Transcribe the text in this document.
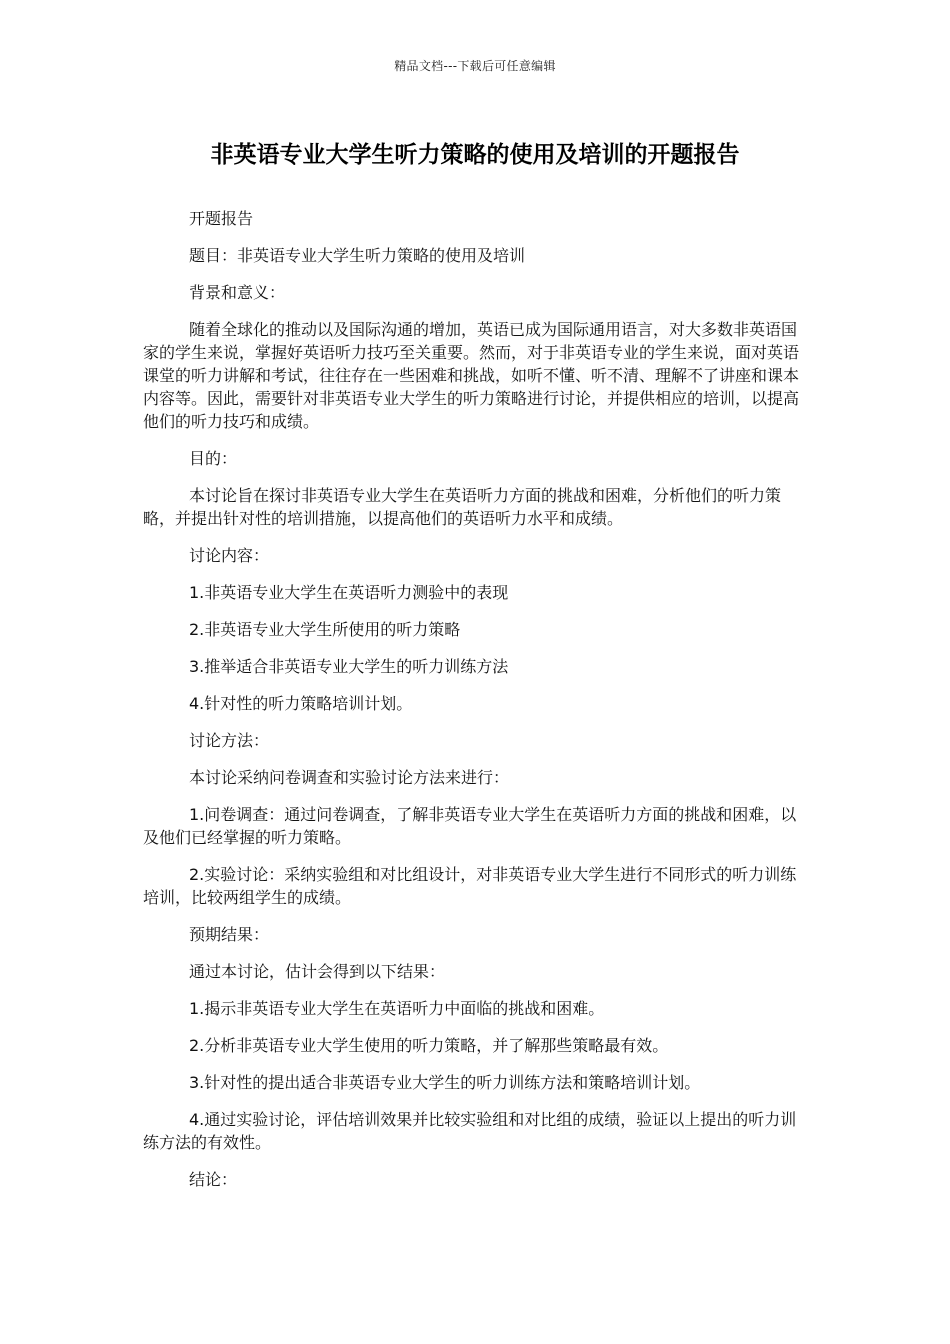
精品文档---下载后可任意编辑
非英语专业大学生听力策略的使用及培训的开题报告

开题报告

题目：非英语专业大学生听力策略的使用及培训

背景和意义：

随着全球化的推动以及国际沟通的增加，英语已成为国际通用语言，对大多数非英语国家的学生来说，掌握好英语听力技巧至关重要。然而，对于非英语专业的学生来说，面对英语课堂的听力讲解和考试，往往存在一些困难和挑战，如听不懂、听不清、理解不了讲座和课本内容等。因此，需要针对非英语专业大学生的听力策略进行讨论，并提供相应的培训，以提高他们的听力技巧和成绩。

目的：

本讨论旨在探讨非英语专业大学生在英语听力方面的挑战和困难，分析他们的听力策略，并提出针对性的培训措施，以提高他们的英语听力水平和成绩。

讨论内容：

1.非英语专业大学生在英语听力测验中的表现

2.非英语专业大学生所使用的听力策略

3.推举适合非英语专业大学生的听力训练方法

4.针对性的听力策略培训计划。

讨论方法：

本讨论采纳问卷调查和实验讨论方法来进行：

1.问卷调查：通过问卷调查，了解非英语专业大学生在英语听力方面的挑战和困难，以及他们已经掌握的听力策略。

2.实验讨论：采纳实验组和对比组设计，对非英语专业大学生进行不同形式的听力训练培训，比较两组学生的成绩。

预期结果：

通过本讨论，估计会得到以下结果：

1.揭示非英语专业大学生在英语听力中面临的挑战和困难。

2.分析非英语专业大学生使用的听力策略，并了解那些策略最有效。

3.针对性的提出适合非英语专业大学生的听力训练方法和策略培训计划。

4.通过实验讨论，评估培训效果并比较实验组和对比组的成绩，验证以上提出的听力训练方法的有效性。

结论：
